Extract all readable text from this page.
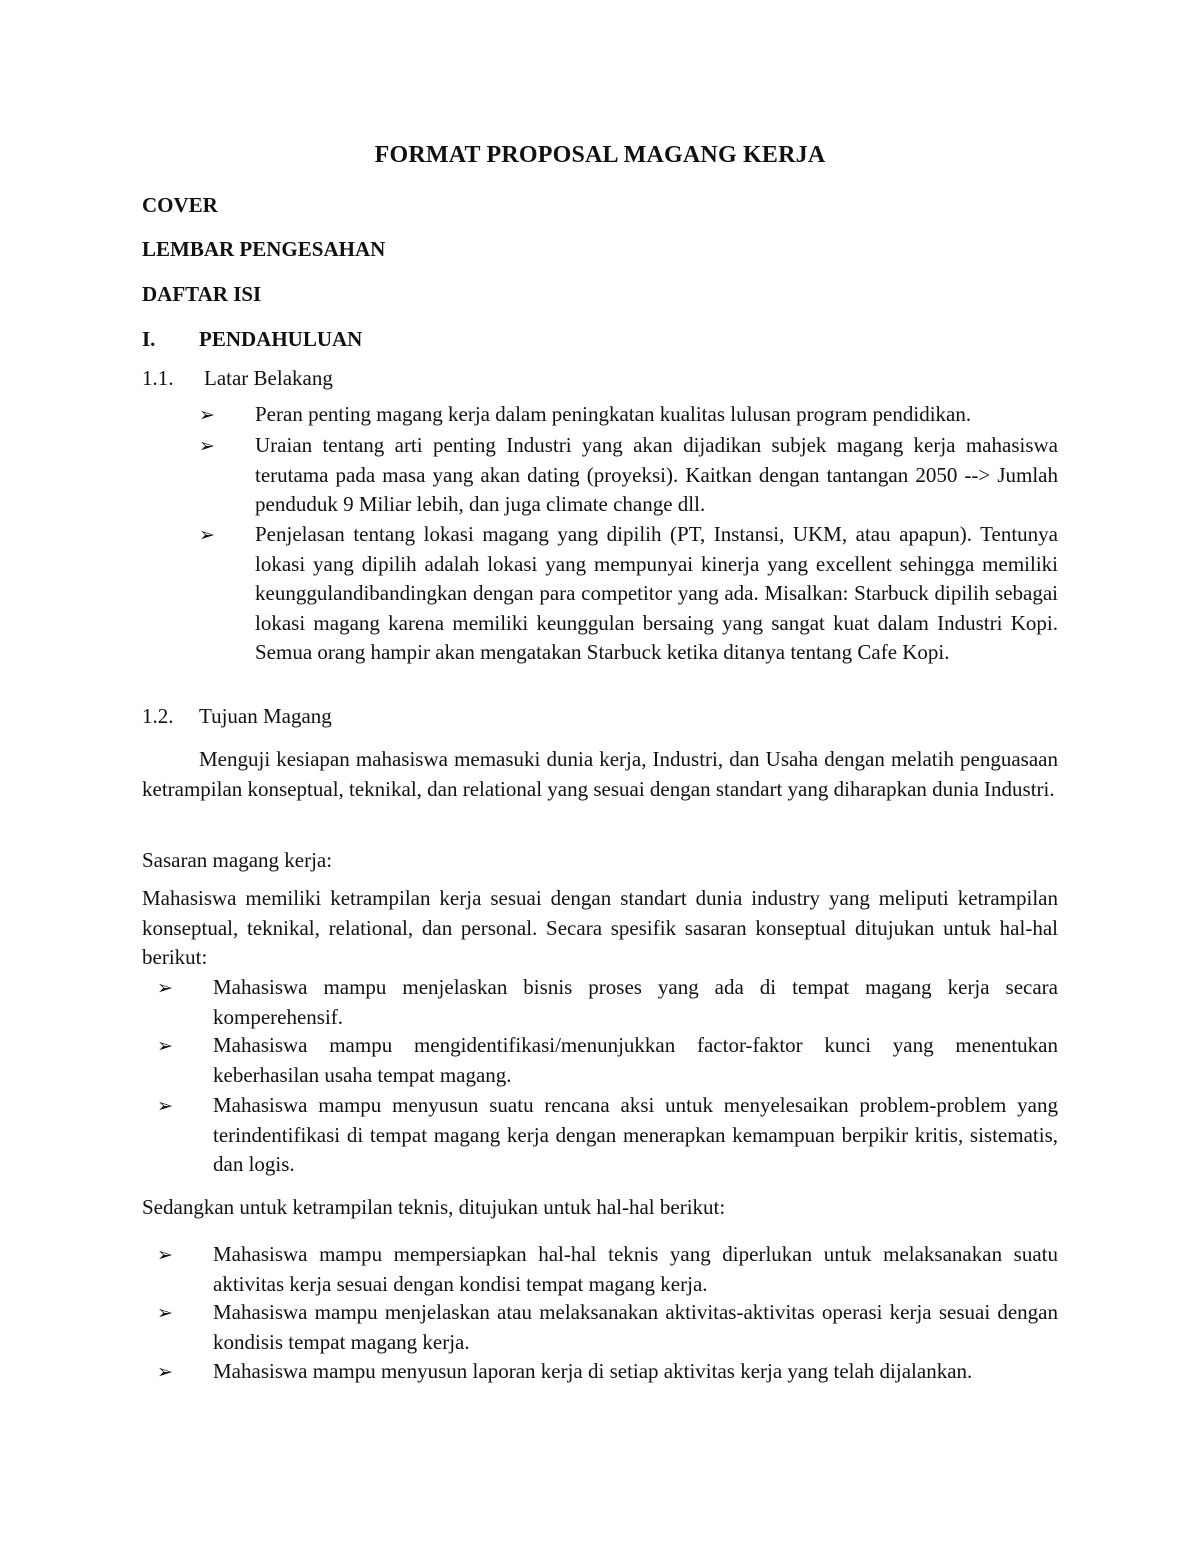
FORMAT PROPOSAL MAGANG KERJA
COVER
LEMBAR PENGESAHAN
DAFTAR ISI
I. PENDAHULUAN
1.1. Latar Belakang
➢ Peran penting magang kerja dalam peningkatan kualitas lulusan program pendidikan.
➢ Uraian tentang arti penting Industri yang akan dijadikan subjek magang kerja mahasiswa terutama pada masa yang akan dating (proyeksi). Kaitkan dengan tantangan 2050 --> Jumlah penduduk 9 Miliar lebih, dan juga climate change dll.
➢ Penjelasan tentang lokasi magang yang dipilih (PT, Instansi, UKM, atau apapun). Tentunya lokasi yang dipilih adalah lokasi yang mempunyai kinerja yang excellent sehingga memiliki keunggulandibandingkan dengan para competitor yang ada. Misalkan: Starbuck dipilih sebagai lokasi magang karena memiliki keunggulan bersaing yang sangat kuat dalam Industri Kopi. Semua orang hampir akan mengatakan Starbuck ketika ditanya tentang Cafe Kopi.
1.2. Tujuan Magang
Menguji kesiapan mahasiswa memasuki dunia kerja, Industri, dan Usaha dengan melatih penguasaan ketrampilan konseptual, teknikal, dan relational yang sesuai dengan standart yang diharapkan dunia Industri.
Sasaran magang kerja:
Mahasiswa memiliki ketrampilan kerja sesuai dengan standart dunia industry yang meliputi ketrampilan konseptual, teknikal, relational, dan personal. Secara spesifik sasaran konseptual ditujukan untuk hal-hal berikut:
➢ Mahasiswa mampu menjelaskan bisnis proses yang ada di tempat magang kerja secara komperehensif.
➢ Mahasiswa mampu mengidentifikasi/menunjukkan factor-faktor kunci yang menentukan keberhasilan usaha tempat magang.
➢ Mahasiswa mampu menyusun suatu rencana aksi untuk menyelesaikan problem-problem yang terindentifikasi di tempat magang kerja dengan menerapkan kemampuan berpikir kritis, sistematis, dan logis.
Sedangkan untuk ketrampilan teknis, ditujukan untuk hal-hal berikut:
➢ Mahasiswa mampu mempersiapkan hal-hal teknis yang diperlukan untuk melaksanakan suatu aktivitas kerja sesuai dengan kondisi tempat magang kerja.
➢ Mahasiswa mampu menjelaskan atau melaksanakan aktivitas-aktivitas operasi kerja sesuai dengan kondisis tempat magang kerja.
➢ Mahasiswa mampu menyusun laporan kerja di setiap aktivitas kerja yang telah dijalankan.
